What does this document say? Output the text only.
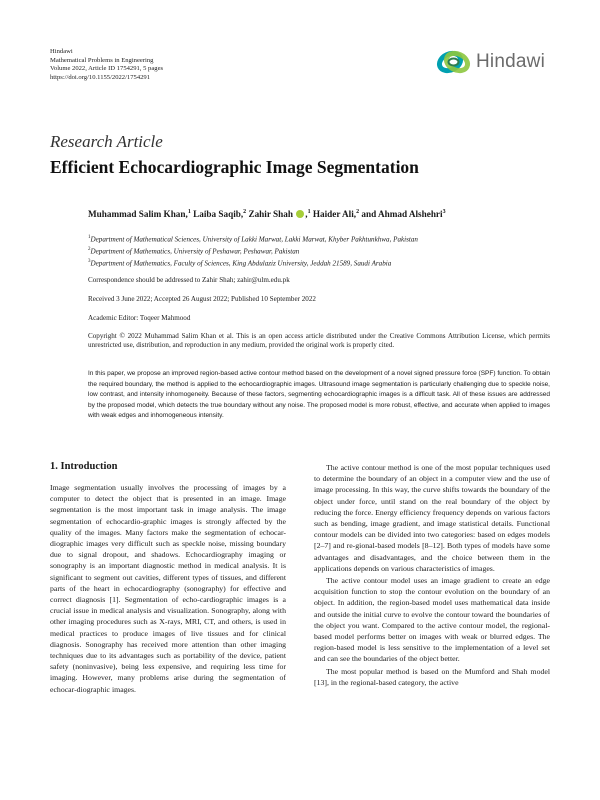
Hindawi
Mathematical Problems in Engineering
Volume 2022, Article ID 1754291, 5 pages
https://doi.org/10.1155/2022/1754291
Hindawi
Research Article
Efficient Echocardiographic Image Segmentation
Muhammad Salim Khan,$^1$ Laiba Saqib,$^2$ Zahir Shah ,$^1$ Haider Ali,$^2$ and Ahmad Alshehri$^3$
$^1$Department of Mathematical Sciences, University of Lakki Marwat, Lakki Marwat, Khyber Pakhtunkhwa, Pakistan
$^2$Department of Mathematics, University of Peshawar, Peshawar, Pakistan
$^3$Department of Mathematics, Faculty of Sciences, King Abdulaziz University, Jeddah 21589, Saudi Arabia
Correspondence should be addressed to Zahir Shah; zahir@ulm.edu.pk
Received 3 June 2022; Accepted 26 August 2022; Published 10 September 2022
Academic Editor: Toqeer Mahmood
Copyright © 2022 Muhammad Salim Khan et al. This is an open access article distributed under the Creative Commons Attribution License, which permits unrestricted use, distribution, and reproduction in any medium, provided the original work is properly cited.
In this paper, we propose an improved region-based active contour method based on the development of a novel signed pressure force (SPF) function. To obtain the required boundary, the method is applied to the echocardiographic images. Ultrasound image segmentation is particularly challenging due to speckle noise, low contrast, and intensity inhomogeneity. Because of these factors, segmenting echocardiographic images is a difficult task. All of these issues are addressed by the proposed model, which detects the true boundary without any noise. The proposed model is more robust, effective, and accurate when applied to images with weak edges and inhomogeneous intensity.
1. Introduction

Image segmentation usually involves the processing of images by a computer to detect the object that is presented in an image. Image segmentation is the most important task in image analysis. The image segmentation of echocardio-graphic images is strongly affected by the quality of the images. Many factors make the segmentation of echocar-diographic images very difficult such as speckle noise, missing boundary due to signal dropout, and shadows. Echocardiography imaging or sonography is an important diagnostic method in medical analysis. It is significant to segment out cavities, different types of tissues, and different parts of the heart in echocardiography (sonography) for effective and correct diagnosis [1]. Segmentation of echo-cardiographic images is a crucial issue in medical analysis and visualization. Sonography, along with other imaging procedures such as X-rays, MRI, CT, and others, is used in medical practices to produce images of live tissues and for clinical diagnosis. Sonography has received more attention than other imaging techniques due to its advantages such as portability of the device, patient safety (noninvasive), being less expensive, and requiring less time for imaging. However, many problems arise during the segmentation of echocar-diographic images.

The active contour method is one of the most popular techniques used to determine the boundary of an object in a computer view and the use of image processing. In this way, the curve shifts towards the boundary of the object under force, until stand on the real boundary of the object by reducing the force. Energy efficiency frequency depends on various factors such as bending, image gradient, and image statistical details. Functional contour models can be divided into two categories: based on edges models [2–7] and re-gional-based models [8–12]. Both types of models have some advantages and disadvantages, and the choice between them in the applications depends on various characteristics of images.

The active contour model uses an image gradient to create an edge acquisition function to stop the contour evolution on the boundary of an object. In addition, the region-based model uses mathematical data inside and outside the initial curve to evolve the contour toward the boundaries of the object you want. Compared to the active contour model, the regional-based model performs better on images with weak or blurred edges. The region-based model is less sensitive to the implementation of a level set and can see the boundaries of the object better.

The most popular method is based on the Mumford and Shah model [13], in the regional-based category, the active
